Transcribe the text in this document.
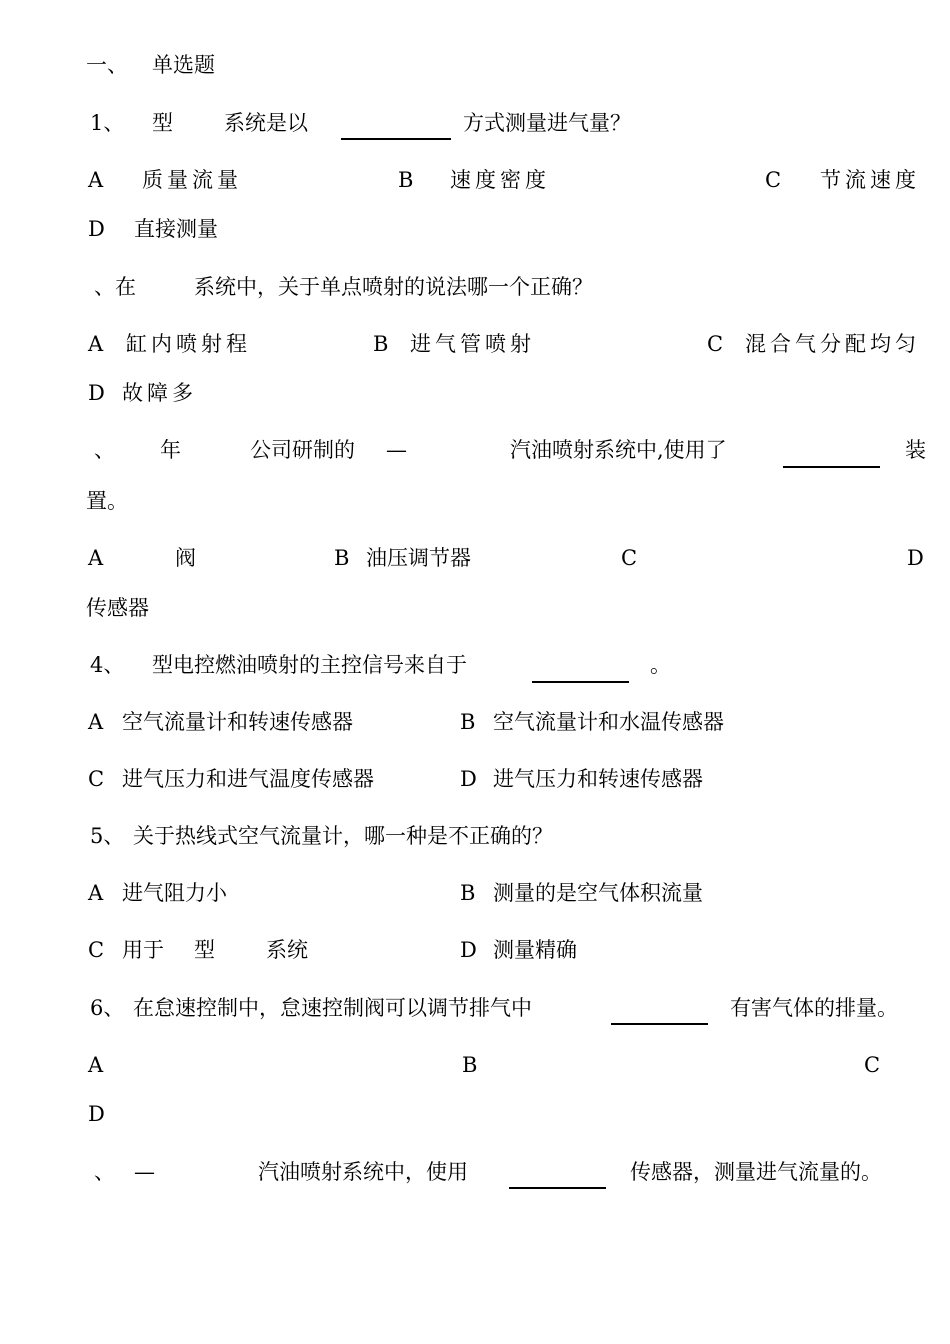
一、 单选题
1、 型 系统是以	方式测量进气量？
A 质量流量	B 速度密度	C 节流速度
D 直接测量
、在	系统中，关于单点喷射的说法哪一个正确？
A 缸内喷射程	B 进气管喷射	C 混合气分配均匀
D 故障多
、 年	公司研制的 —	汽油喷射系统中,使用了	装
置。
A	阀	B 油压调节器	C	D
传感器
4、 型电控燃油喷射的主控信号来自于	。
A 空气流量计和转速传感器	B 空气流量计和水温传感器
C 进气压力和进气温度传感器	D 进气压力和转速传感器
5、 关于热线式空气流量计，哪一种是不正确的？
A 进气阻力小	B 测量的是空气体积流量
C 用于 型 系统	D 测量精确
6、 在怠速控制中，怠速控制阀可以调节排气中	有害气体的排量。
A	B	C
D
、 —	汽油喷射系统中，使用	传感器，测量进气流量的。
